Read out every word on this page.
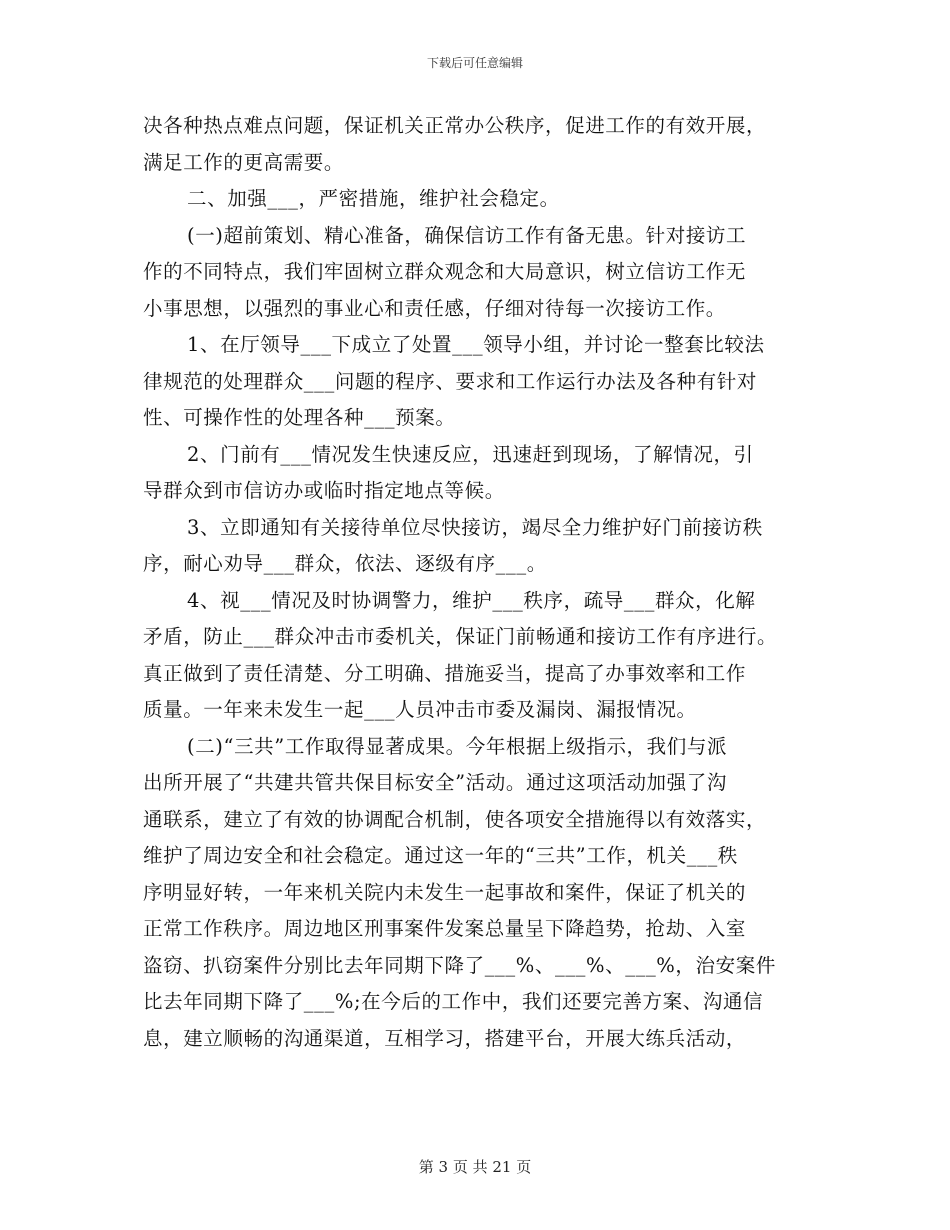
下载后可任意编辑
决各种热点难点问题，保证机关正常办公秩序，促进工作的有效开展，
满足工作的更高需要。
二、加强___，严密措施，维护社会稳定。
(一)超前策划、精心准备，确保信访工作有备无患。针对接访工
作的不同特点，我们牢固树立群众观念和大局意识，树立信访工作无
小事思想，以强烈的事业心和责任感，仔细对待每一次接访工作。
1、在厅领导___下成立了处置___领导小组，并讨论一整套比较法
律规范的处理群众___问题的程序、要求和工作运行办法及各种有针对
性、可操作性的处理各种___预案。
2、门前有___情况发生快速反应，迅速赶到现场，了解情况，引
导群众到市信访办或临时指定地点等候。
3、立即通知有关接待单位尽快接访，竭尽全力维护好门前接访秩
序，耐心劝导___群众，依法、逐级有序___。
4、视___情况及时协调警力，维护___秩序，疏导___群众，化解
矛盾，防止___群众冲击市委机关，保证门前畅通和接访工作有序进行。
真正做到了责任清楚、分工明确、措施妥当，提高了办事效率和工作
质量。一年来未发生一起___人员冲击市委及漏岗、漏报情况。
(二)“三共”工作取得显著成果。今年根据上级指示，我们与派
出所开展了“共建共管共保目标安全”活动。通过这项活动加强了沟
通联系，建立了有效的协调配合机制，使各项安全措施得以有效落实，
维护了周边安全和社会稳定。通过这一年的“三共”工作，机关___秩
序明显好转，一年来机关院内未发生一起事故和案件，保证了机关的
正常工作秩序。周边地区刑事案件发案总量呈下降趋势，抢劫、入室
盗窃、扒窃案件分别比去年同期下降了___%、___%、___%，治安案件
比去年同期下降了___%;在今后的工作中，我们还要完善方案、沟通信
息，建立顺畅的沟通渠道，互相学习，搭建平台，开展大练兵活动，
第 3 页 共 21 页
